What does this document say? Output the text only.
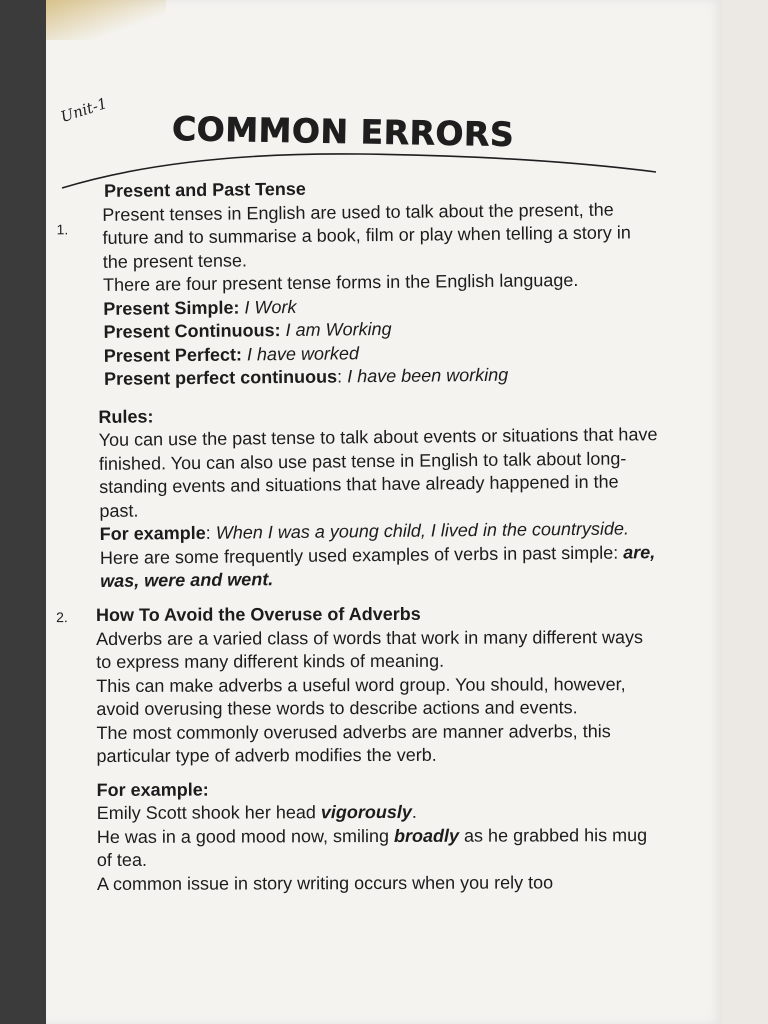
Unit-1 COMMON ERRORS
1.

Present and Past Tense

Present tenses in English are used to talk about the present, the future and to summarise a book, film or play when telling a story in the present tense.

There are four present tense forms in the English language.

Present Simple: I Work

Present Continuous: I am Working

Present Perfect: I have worked

Present perfect continuous: I have been working

Rules:

You can use the past tense to talk about events or situations that have finished. You can also use past tense in English to talk about long-standing events and situations that have already happened in the past.

For example: When I was a young child, I lived in the countryside.

Here are some frequently used examples of verbs in past simple: are, was, were and went.

2. How To Avoid the Overuse of Adverbs

Adverbs are a varied class of words that work in many different ways to express many different kinds of meaning.

This can make adverbs a useful word group. You should, however, avoid overusing these words to describe actions and events.

The most commonly overused adverbs are manner adverbs, this particular type of adverb modifies the verb.

For example:

Emily Scott shook her head vigorously.

He was in a good mood now, smiling broadly as he grabbed his mug of tea.

A common issue in story writing occurs when you rely too
